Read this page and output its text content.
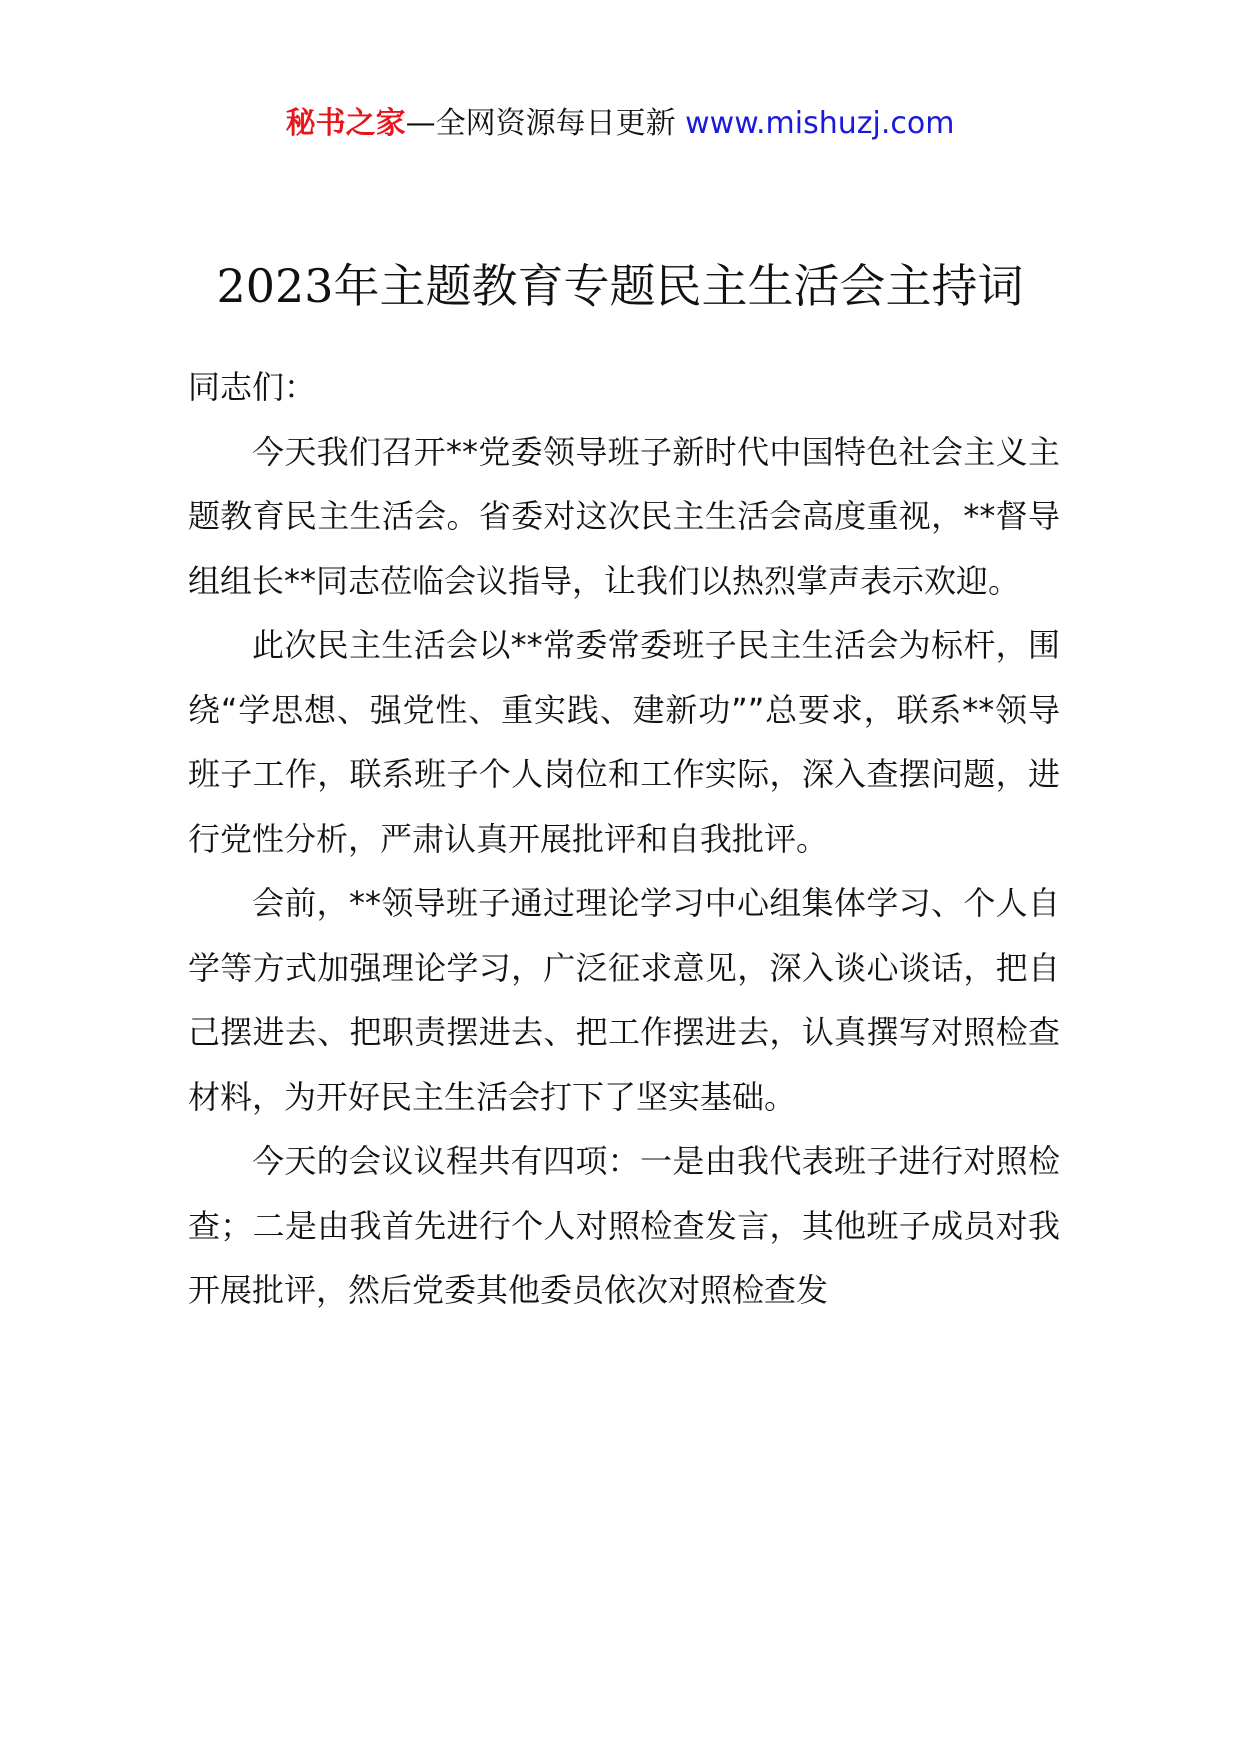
秘书之家—全网资源每日更新 www.mishuzj.com
2023年主题教育专题民主生活会主持词

同志们：

今天我们召开**党委领导班子新时代中国特色社会主义主题教育民主生活会。省委对这次民主生活会高度重视，**督导组组长**同志莅临会议指导，让我们以热烈掌声表示欢迎。

此次民主生活会以**常委常委班子民主生活会为标杆，围绕“学思想、强党性、重实践、建新功””总要求，联系**领导班子工作，联系班子个人岗位和工作实际，深入查摆问题，进行党性分析，严肃认真开展批评和自我批评。

会前，**领导班子通过理论学习中心组集体学习、个人自学等方式加强理论学习，广泛征求意见，深入谈心谈话，把自己摆进去、把职责摆进去、把工作摆进去，认真撰写对照检查材料，为开好民主生活会打下了坚实基础。

今天的会议议程共有四项：一是由我代表班子进行对照检查；二是由我首先进行个人对照检查发言，其他班子成员对我开展批评，然后党委其他委员依次对照检查发
